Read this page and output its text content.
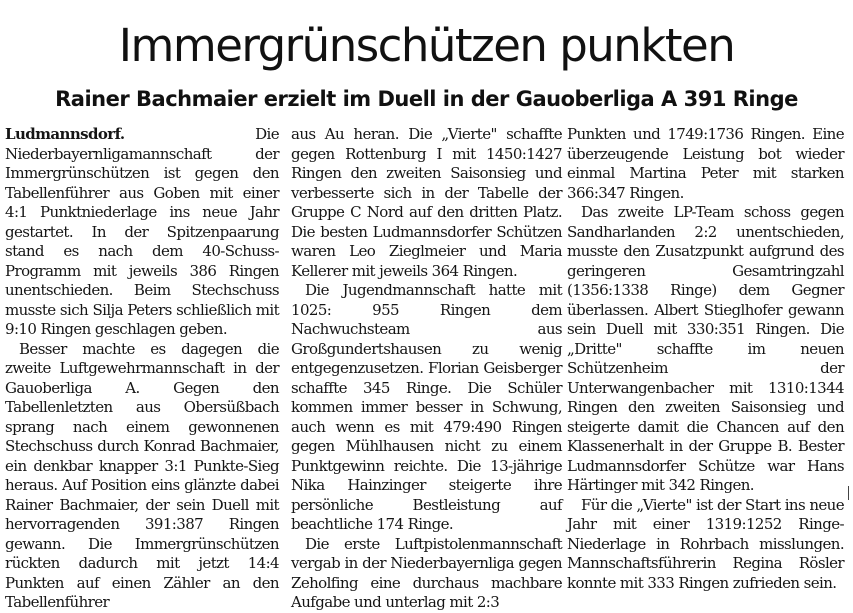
Immergrünschützen punkten
Rainer Bachmaier erzielt im Duell in der Gauoberliga A 391 Ringe

Ludmannsdorf.	Die Niederbayernligamannschaft der Immergrünschützen ist gegen den Tabellenführer aus Goben mit einer 4:1 Punktniederlage ins neue Jahr gestartet. In der Spitzenpaarung stand es nach dem 40-Schuss-Programm mit jeweils 386 Ringen unentschieden. Beim Stechschuss musste sich Silja Peters schließlich mit 9:10 Ringen geschlagen geben.

Besser machte es dagegen die zweite Luftgewehrmannschaft in der Gauoberliga A. Gegen den Tabellenletzten aus Obersüßbach sprang nach einem gewonnenen Stechschuss durch Konrad Bachmaier, ein denkbar knapper 3:1 Punkte-Sieg heraus. Auf Position eins glänzte dabei Rainer Bachmaier, der sein Duell mit hervorragenden 391:387 Ringen gewann. Die Immergrünschützen rückten dadurch mit jetzt 14:4 Punkten auf einen Zähler an den Tabellenführer

aus Au heran. Die „Vierte" schaffte gegen Rottenburg I mit 1450:1427 Ringen den zweiten Saisonsieg und verbesserte sich in der Tabelle der Gruppe C Nord auf den dritten Platz. Die besten Ludmannsdorfer Schützen waren Leo Zieglmeier und Maria Kellerer mit jeweils 364 Ringen.

Die Jugendmannschaft hatte mit 1025: 955 Ringen dem Nachwuchsteam aus Großgundertshausen zu wenig entgegenzusetzen. Florian Geisberger schaffte 345 Ringe. Die Schüler kommen immer besser in Schwung, auch wenn es mit 479:490 Ringen gegen Mühlhausen nicht zu einem Punktgewinn reichte. Die 13-jährige Nika Hainzinger steigerte ihre persönliche Bestleistung auf beachtliche 174 Ringe.

Die erste Luftpistolenmannschaft vergab in der Niederbayernliga gegen Zeholfing eine durchaus machbare Aufgabe und unterlag mit 2:3

Punkten und 1749:1736 Ringen. Eine überzeugende Leistung bot wieder einmal Martina Peter mit starken 366:347 Ringen.

Das zweite LP-Team schoss gegen Sandharlanden 2:2 unentschieden, musste den Zusatzpunkt aufgrund des geringeren Gesamtringzahl (1356:1338 Ringe) dem Gegner überlassen. Albert Stieglhofer gewann sein Duell mit 330:351 Ringen. Die „Dritte" schaffte im neuen Schützenheim der Unterwangenbacher mit 1310:1344 Ringen den zweiten Saisonsieg und steigerte damit die Chancen auf den Klassenerhalt in der Gruppe B. Bester Ludmannsdorfer Schütze war Hans Härtinger mit 342 Ringen.

Für die „Vierte" ist der Start ins neue Jahr mit einer 1319:1252 Ringe-Niederlage in Rohrbach misslungen. Mannschaftsführerin Regina Rösler konnte mit 333 Ringen zufrieden sein.
